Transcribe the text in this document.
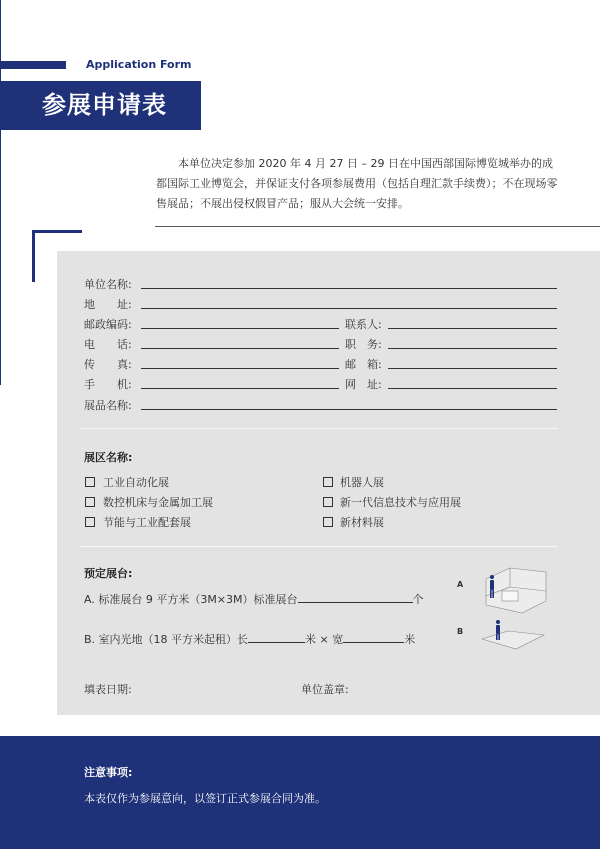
Application Form
参展申请表
本单位决定参加 2020 年 4 月 27 日 – 29 日在中国西部国际博览城举办的成都国际工业博览会，并保证支付各项参展费用（包括自理汇款手续费）；不在现场零售展品；不展出侵权假冒产品；服从大会统一安排。
单位名称:
地　　址:
邮政编码:	联系人:
电　　话:	职　务:
传　　真:	邮　箱:
手　　机:	网　址:
展品名称:
展区名称:
工业自动化展	机器人展
数控机床与金属加工展	新一代信息技术与应用展
节能与工业配套展	新材料展
预定展台:
A. 标准展台 9 平方米（3M×3M）标准展台	个
B. 室内光地（18 平方米起租）长	米 × 宽	米
A
B
填表日期:	单位盖章:
注意事项:
本表仅作为参展意向，以签订正式参展合同为准。
